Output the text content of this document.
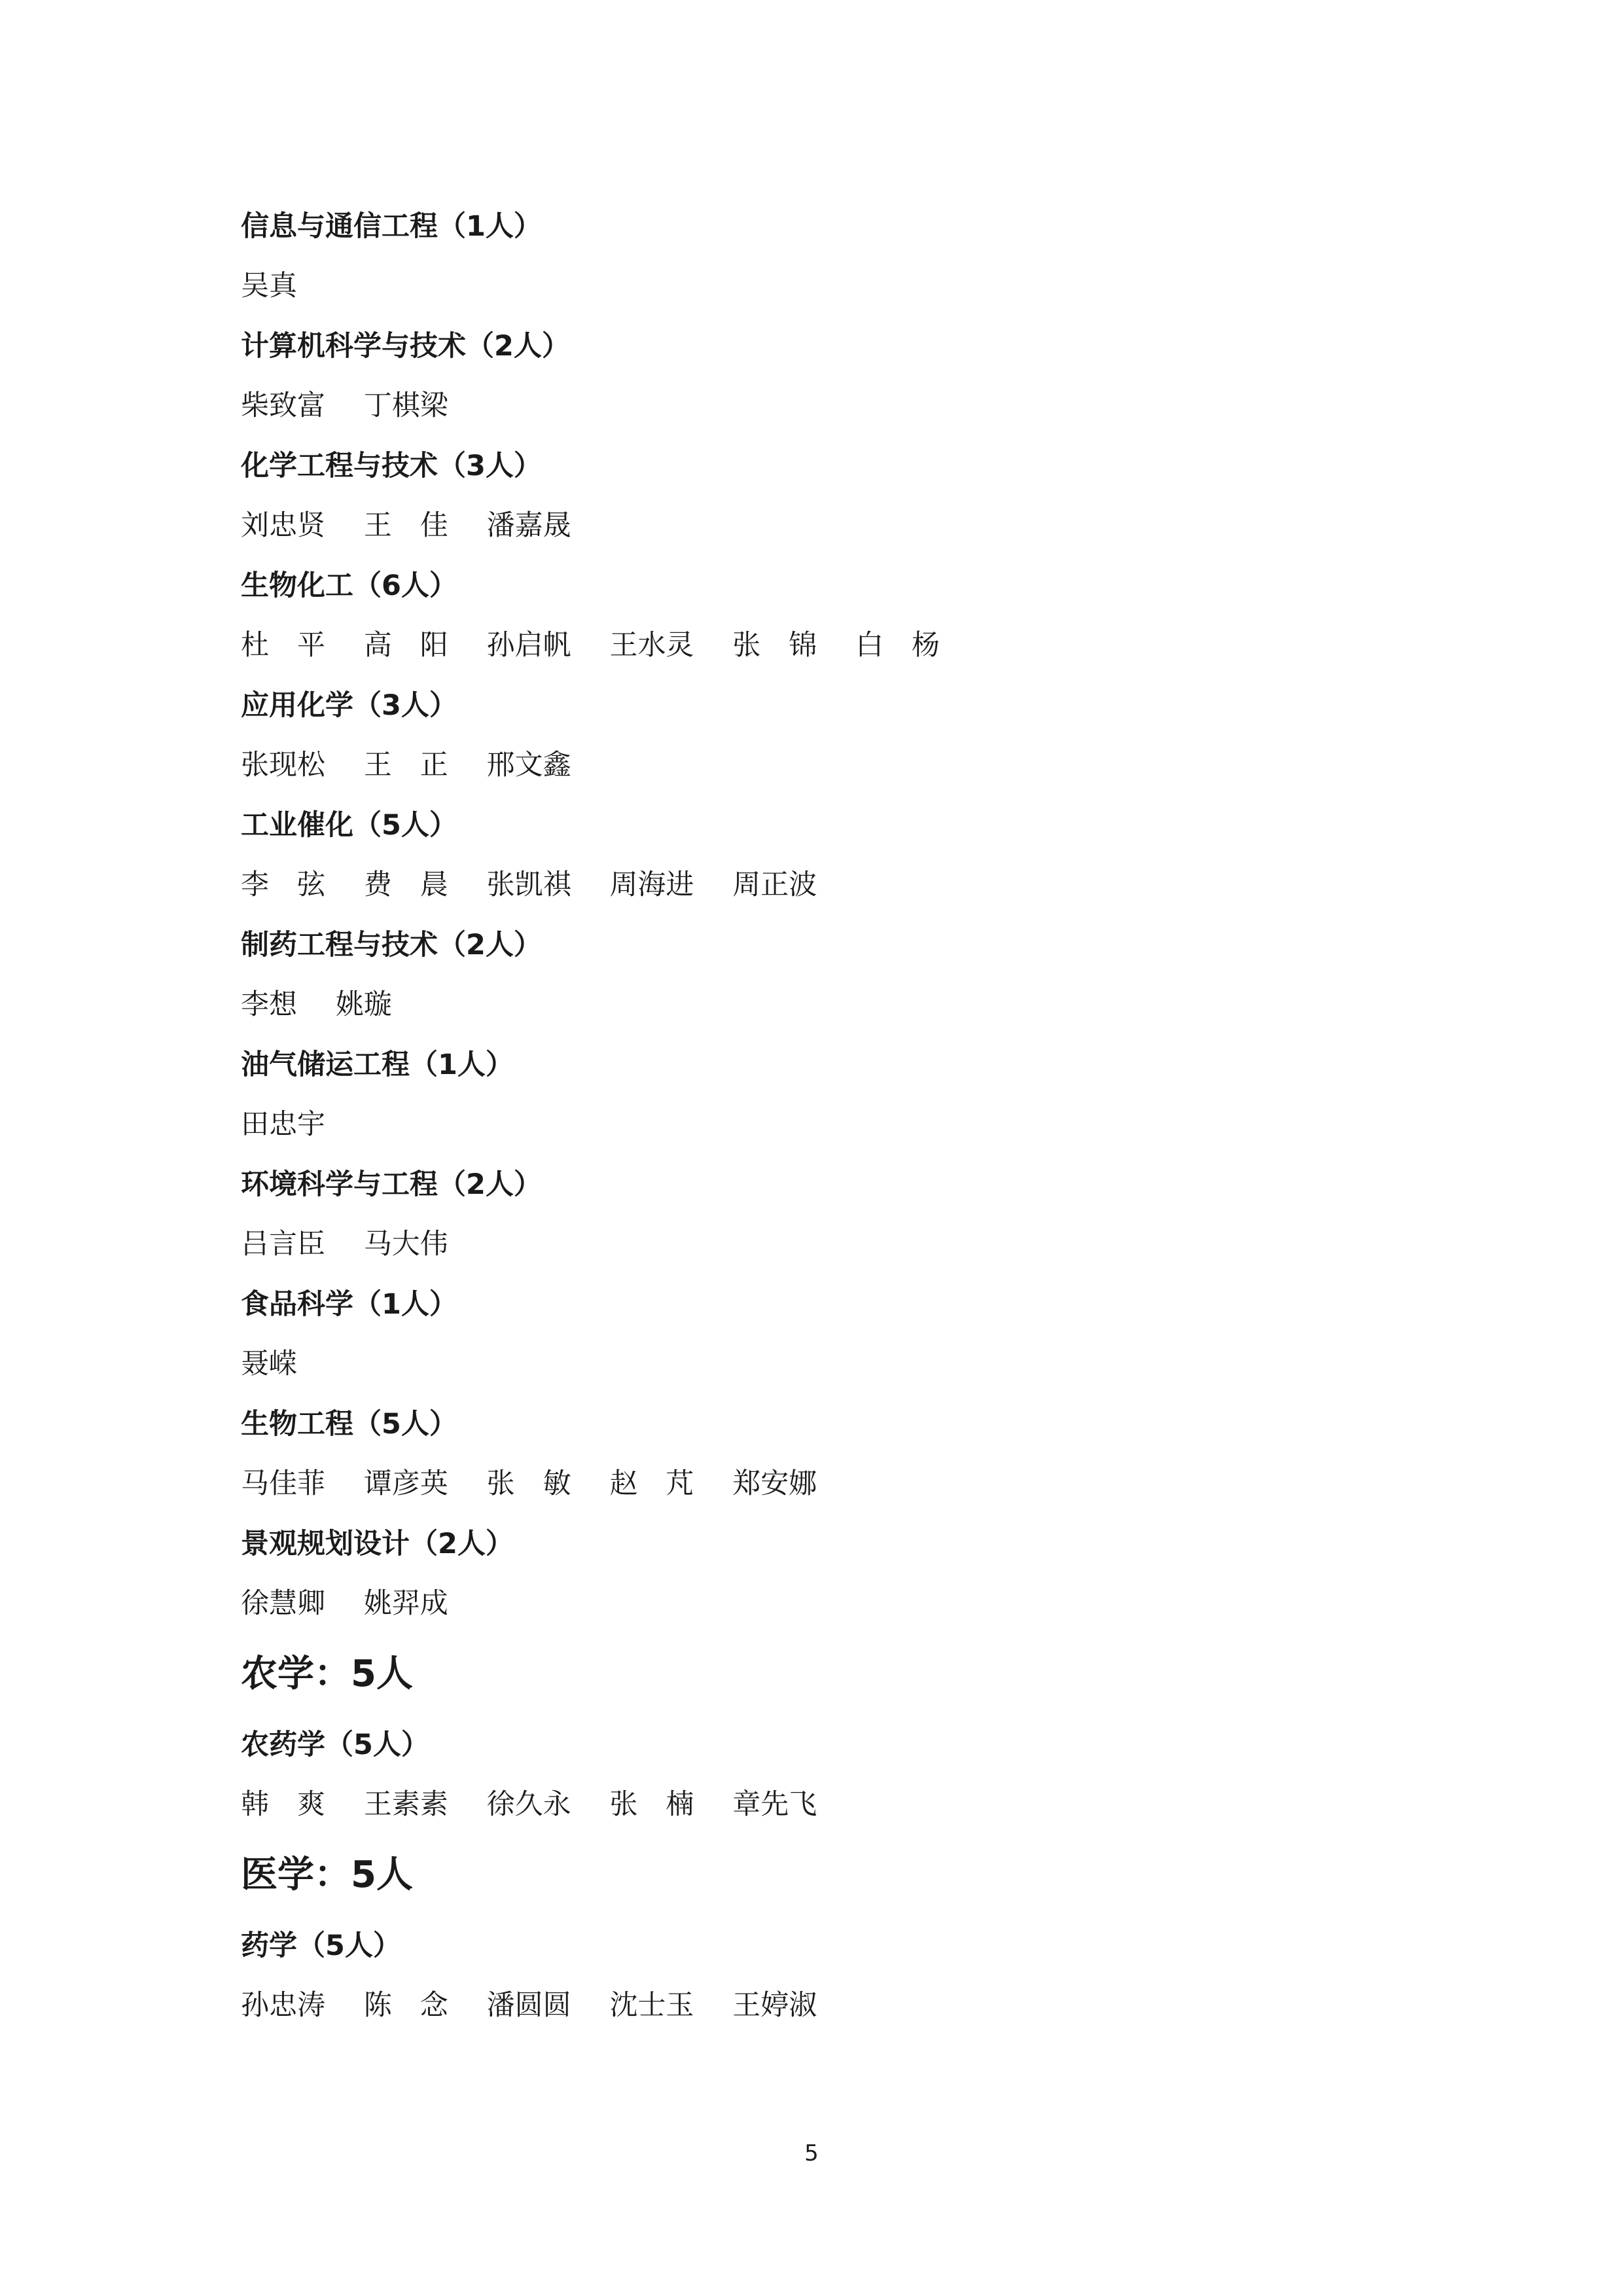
信息与通信工程（1人）
吴真
计算机科学与技术（2人）
柴致富 丁棋梁
化学工程与技术（3人）
刘忠贤 王　佳 潘嘉晟
生物化工（6人）
杜　平 高　阳 孙启帆 王水灵 张　锦 白　杨
应用化学（3人）
张现松 王　正 邢文鑫
工业催化（5人）
李　弦 费　晨 张凯祺 周海进 周正波
制药工程与技术（2人）
李想 姚璇
油气储运工程（1人）
田忠宇
环境科学与工程（2人）
吕言臣 马大伟
食品科学（1人）
聂嵘
生物工程（5人）
马佳菲 谭彦英 张　敏 赵　芃 郑安娜
景观规划设计（2人）
徐慧卿 姚羿成
农学：5人
农药学（5人）
韩　爽 王素素 徐久永 张　楠 章先飞
医学：5人
药学（5人）
孙忠涛 陈　念 潘圆圆 沈士玉 王婷淑
5
